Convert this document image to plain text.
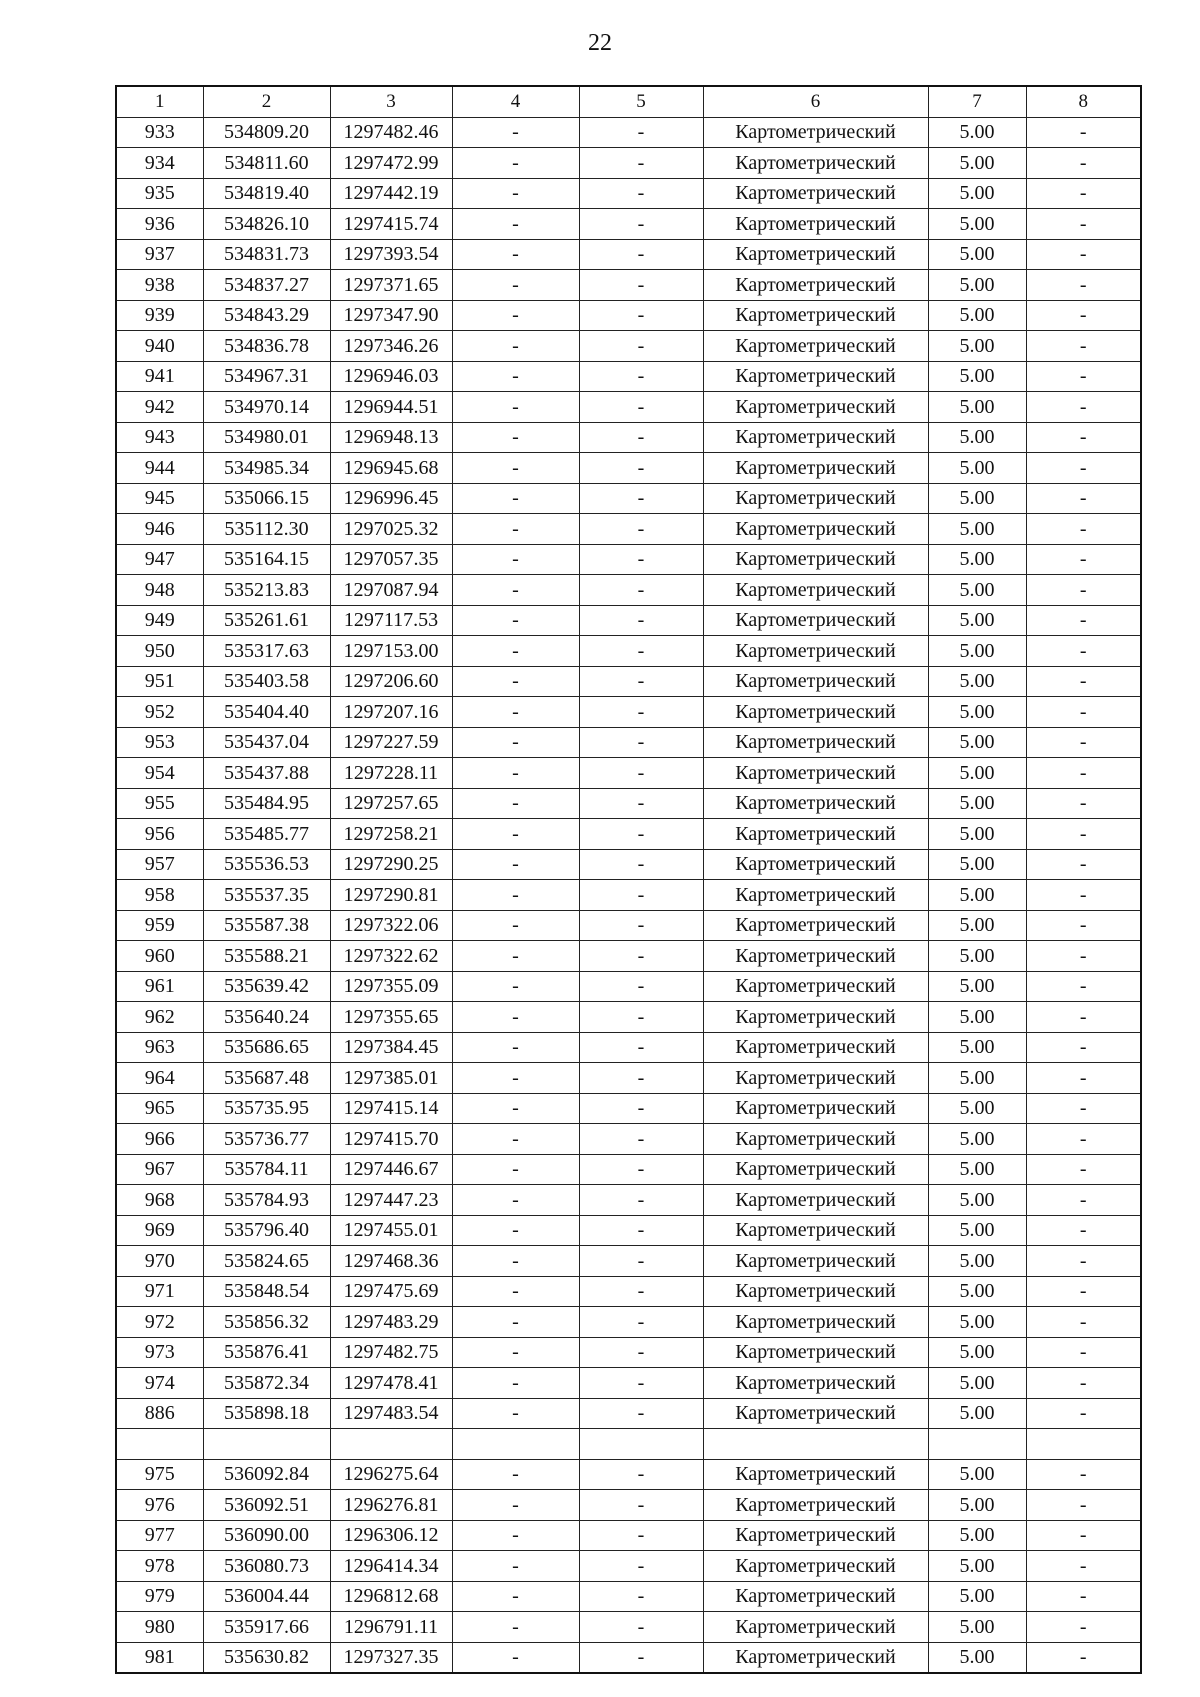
22
1	2	3	4	5	6	7	8
933	534809.20	1297482.46	-	-	Картометрический	5.00	-
934	534811.60	1297472.99	-	-	Картометрический	5.00	-
935	534819.40	1297442.19	-	-	Картометрический	5.00	-
936	534826.10	1297415.74	-	-	Картометрический	5.00	-
937	534831.73	1297393.54	-	-	Картометрический	5.00	-
938	534837.27	1297371.65	-	-	Картометрический	5.00	-
939	534843.29	1297347.90	-	-	Картометрический	5.00	-
940	534836.78	1297346.26	-	-	Картометрический	5.00	-
941	534967.31	1296946.03	-	-	Картометрический	5.00	-
942	534970.14	1296944.51	-	-	Картометрический	5.00	-
943	534980.01	1296948.13	-	-	Картометрический	5.00	-
944	534985.34	1296945.68	-	-	Картометрический	5.00	-
945	535066.15	1296996.45	-	-	Картометрический	5.00	-
946	535112.30	1297025.32	-	-	Картометрический	5.00	-
947	535164.15	1297057.35	-	-	Картометрический	5.00	-
948	535213.83	1297087.94	-	-	Картометрический	5.00	-
949	535261.61	1297117.53	-	-	Картометрический	5.00	-
950	535317.63	1297153.00	-	-	Картометрический	5.00	-
951	535403.58	1297206.60	-	-	Картометрический	5.00	-
952	535404.40	1297207.16	-	-	Картометрический	5.00	-
953	535437.04	1297227.59	-	-	Картометрический	5.00	-
954	535437.88	1297228.11	-	-	Картометрический	5.00	-
955	535484.95	1297257.65	-	-	Картометрический	5.00	-
956	535485.77	1297258.21	-	-	Картометрический	5.00	-
957	535536.53	1297290.25	-	-	Картометрический	5.00	-
958	535537.35	1297290.81	-	-	Картометрический	5.00	-
959	535587.38	1297322.06	-	-	Картометрический	5.00	-
960	535588.21	1297322.62	-	-	Картометрический	5.00	-
961	535639.42	1297355.09	-	-	Картометрический	5.00	-
962	535640.24	1297355.65	-	-	Картометрический	5.00	-
963	535686.65	1297384.45	-	-	Картометрический	5.00	-
964	535687.48	1297385.01	-	-	Картометрический	5.00	-
965	535735.95	1297415.14	-	-	Картометрический	5.00	-
966	535736.77	1297415.70	-	-	Картометрический	5.00	-
967	535784.11	1297446.67	-	-	Картометрический	5.00	-
968	535784.93	1297447.23	-	-	Картометрический	5.00	-
969	535796.40	1297455.01	-	-	Картометрический	5.00	-
970	535824.65	1297468.36	-	-	Картометрический	5.00	-
971	535848.54	1297475.69	-	-	Картометрический	5.00	-
972	535856.32	1297483.29	-	-	Картометрический	5.00	-
973	535876.41	1297482.75	-	-	Картометрический	5.00	-
974	535872.34	1297478.41	-	-	Картометрический	5.00	-
886	535898.18	1297483.54	-	-	Картометрический	5.00	-

975	536092.84	1296275.64	-	-	Картометрический	5.00	-
976	536092.51	1296276.81	-	-	Картометрический	5.00	-
977	536090.00	1296306.12	-	-	Картометрический	5.00	-
978	536080.73	1296414.34	-	-	Картометрический	5.00	-
979	536004.44	1296812.68	-	-	Картометрический	5.00	-
980	535917.66	1296791.11	-	-	Картометрический	5.00	-
981	535630.82	1297327.35	-	-	Картометрический	5.00	-
